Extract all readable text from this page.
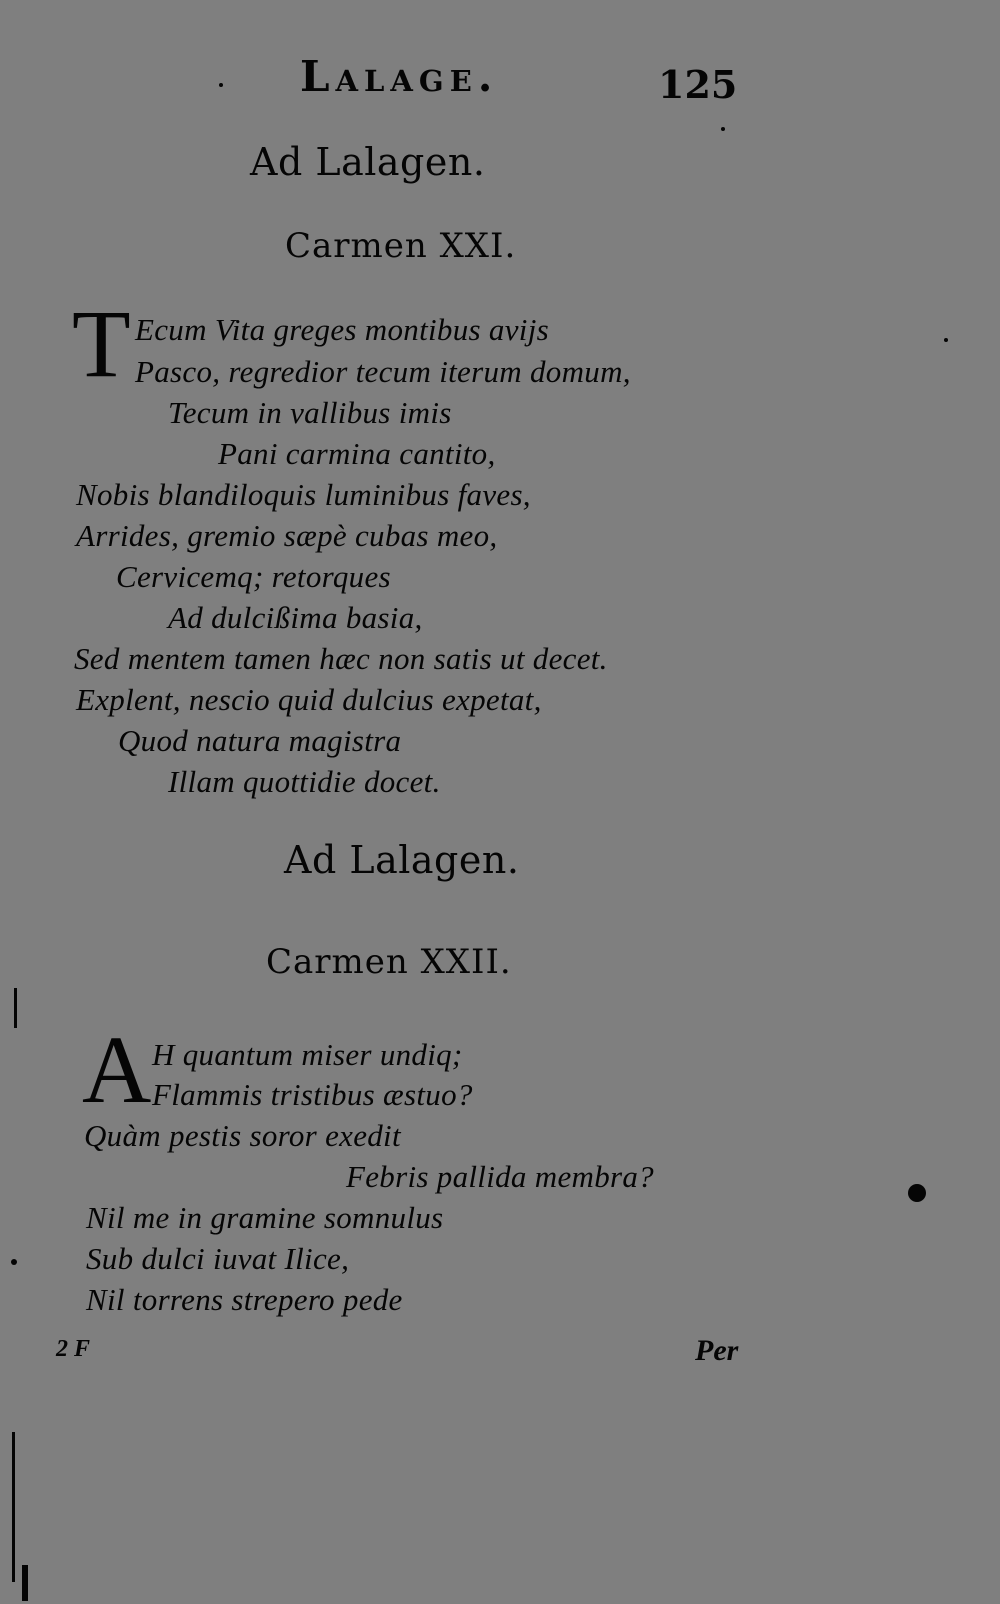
Lalage.	125
Ad Lalagen.
Carmen XXI.
T Ecum Vita greges montibus avijs
Pasco, regredior tecum iterum domum,
Tecum in vallibus imis
Pani carmina cantito,
Nobis blandiloquis luminibus faves,
Arrides, gremio sæpè cubas meo,
Cervicemq; retorques
Ad dulcißima basia,
Sed mentem tamen hæc non satis ut decet.
Explent, nescio quid dulcius expetat,
Quod natura magistra
Illam quottidie docet.
Ad Lalagen.
Carmen XXII.
A H quantum miser undiq;
Flammis tristibus æstuo?
Quàm pestis soror exedit
Febris pallida membra?
Nil me in gramine somnulus
Sub dulci iuvat Ilice,
Nil torrens strepero pede
2 F	Per
